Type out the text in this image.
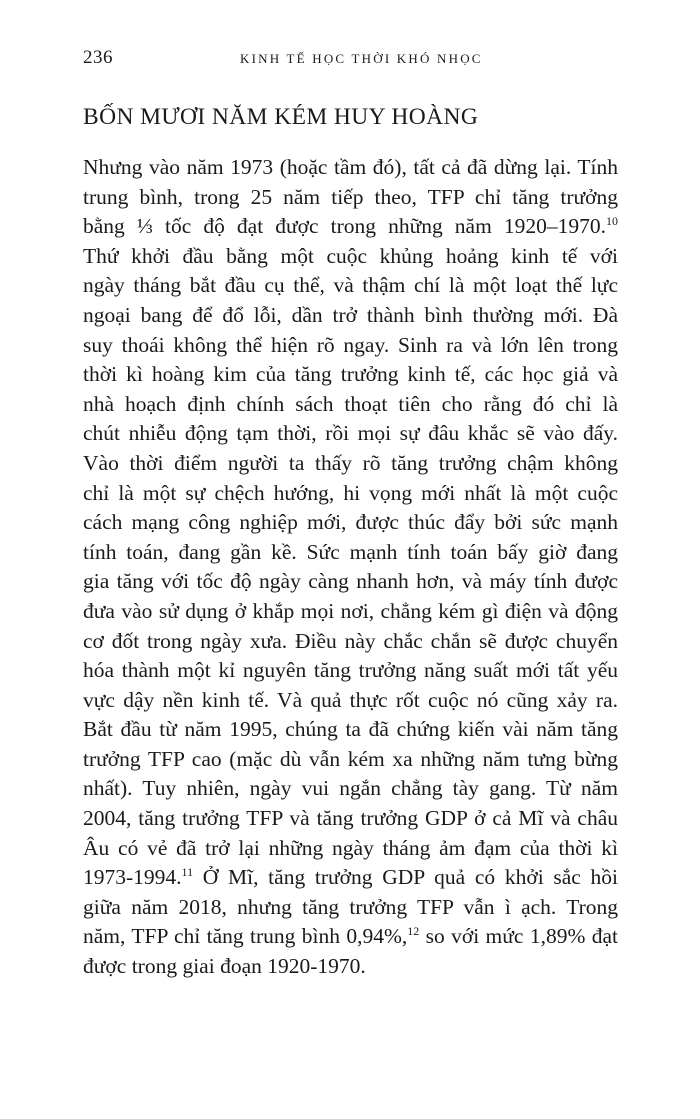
236	KINH TẾ HỌC THỜI KHÓ NHỌC
BỐN MƯƠI NĂM KÉM HUY HOÀNG
Nhưng vào năm 1973 (hoặc tầm đó), tất cả đã dừng lại. Tính
trung bình, trong 25 năm tiếp theo, TFP chỉ tăng trưởng
bằng ⅓ tốc độ đạt được trong những năm 1920–1970.10
Thứ khởi đầu bằng một cuộc khủng hoảng kinh tế với
ngày tháng bắt đầu cụ thể, và thậm chí là một loạt thế lực
ngoại bang để đổ lỗi, dần trở thành bình thường mới. Đà
suy thoái không thể hiện rõ ngay. Sinh ra và lớn lên trong
thời kì hoàng kim của tăng trưởng kinh tế, các học giả và
nhà hoạch định chính sách thoạt tiên cho rằng đó chỉ là
chút nhiễu động tạm thời, rồi mọi sự đâu khắc sẽ vào đấy.
Vào thời điểm người ta thấy rõ tăng trưởng chậm không
chỉ là một sự chệch hướng, hi vọng mới nhất là một cuộc
cách mạng công nghiệp mới, được thúc đẩy bởi sức mạnh
tính toán, đang gần kề. Sức mạnh tính toán bấy giờ đang
gia tăng với tốc độ ngày càng nhanh hơn, và máy tính được
đưa vào sử dụng ở khắp mọi nơi, chẳng kém gì điện và động
cơ đốt trong ngày xưa. Điều này chắc chắn sẽ được chuyển
hóa thành một kỉ nguyên tăng trưởng năng suất mới tất yếu
vực dậy nền kinh tế. Và quả thực rốt cuộc nó cũng xảy ra.
Bắt đầu từ năm 1995, chúng ta đã chứng kiến vài năm tăng
trưởng TFP cao (mặc dù vẫn kém xa những năm tưng bừng
nhất). Tuy nhiên, ngày vui ngắn chẳng tày gang. Từ năm
2004, tăng trưởng TFP và tăng trưởng GDP ở cả Mĩ và châu
Âu có vẻ đã trở lại những ngày tháng ảm đạm của thời kì
1973-1994.11 Ở Mĩ, tăng trưởng GDP quả có khởi sắc hồi
giữa năm 2018, nhưng tăng trưởng TFP vẫn ì ạch. Trong
năm, TFP chỉ tăng trung bình 0,94%,$^{12}$ so với mức 1,89% đạt
được trong giai đoạn 1920-1970.
